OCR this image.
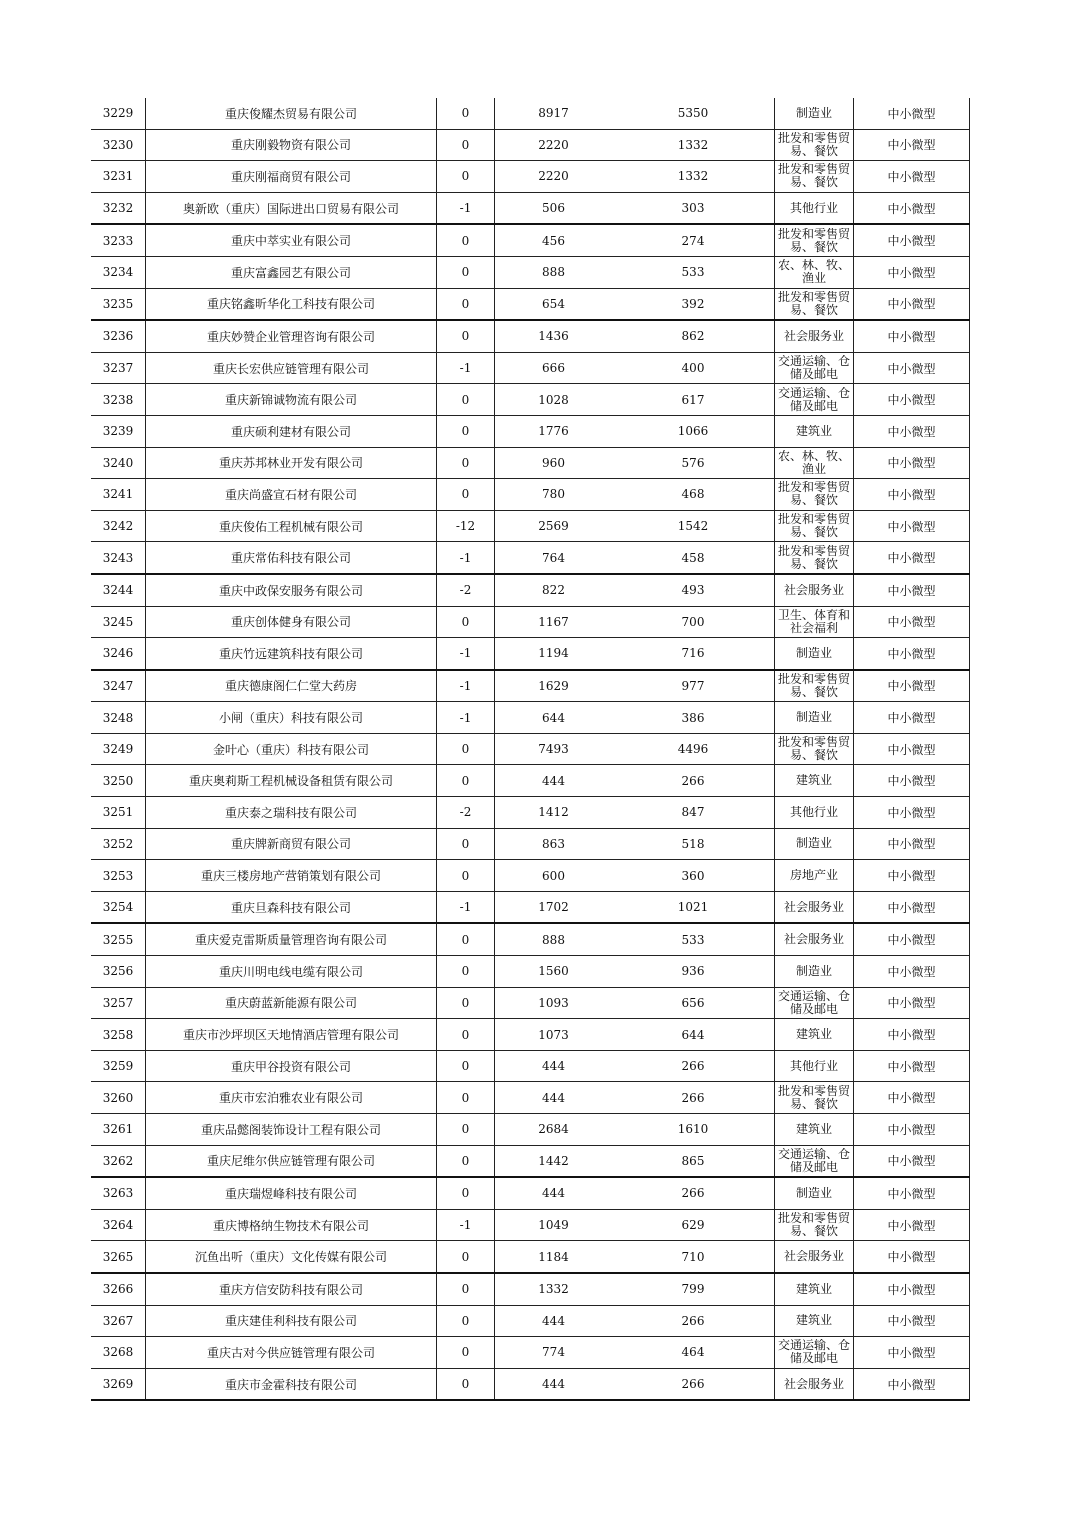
3229	重庆俊耀杰贸易有限公司	0	8917	5350	制造业	中小微型
3230	重庆刚毅物资有限公司	0	2220	1332	批发和零售贸易、餐饮	中小微型
3231	重庆刚福商贸有限公司	0	2220	1332	批发和零售贸易、餐饮	中小微型
3232	奥新欧（重庆）国际进出口贸易有限公司	-1	506	303	其他行业	中小微型
3233	重庆中萃实业有限公司	0	456	274	批发和零售贸易、餐饮	中小微型
3234	重庆富鑫园艺有限公司	0	888	533	农、林、牧、渔业	中小微型
3235	重庆铭鑫昕华化工科技有限公司	0	654	392	批发和零售贸易、餐饮	中小微型
3236	重庆妙赞企业管理咨询有限公司	0	1436	862	社会服务业	中小微型
3237	重庆长宏供应链管理有限公司	-1	666	400	交通运输、仓储及邮电	中小微型
3238	重庆新锦诚物流有限公司	0	1028	617	交通运输、仓储及邮电	中小微型
3239	重庆硕利建材有限公司	0	1776	1066	建筑业	中小微型
3240	重庆苏邦林业开发有限公司	0	960	576	农、林、牧、渔业	中小微型
3241	重庆尚盛宣石材有限公司	0	780	468	批发和零售贸易、餐饮	中小微型
3242	重庆俊佑工程机械有限公司	-12	2569	1542	批发和零售贸易、餐饮	中小微型
3243	重庆常佑科技有限公司	-1	764	458	批发和零售贸易、餐饮	中小微型
3244	重庆中政保安服务有限公司	-2	822	493	社会服务业	中小微型
3245	重庆创体健身有限公司	0	1167	700	卫生、体育和社会福利	中小微型
3246	重庆竹远建筑科技有限公司	-1	1194	716	制造业	中小微型
3247	重庆德康阁仁仁堂大药房	-1	1629	977	批发和零售贸易、餐饮	中小微型
3248	小闸（重庆）科技有限公司	-1	644	386	制造业	中小微型
3249	金叶心（重庆）科技有限公司	0	7493	4496	批发和零售贸易、餐饮	中小微型
3250	重庆奥莉斯工程机械设备租赁有限公司	0	444	266	建筑业	中小微型
3251	重庆泰之瑞科技有限公司	-2	1412	847	其他行业	中小微型
3252	重庆牌新商贸有限公司	0	863	518	制造业	中小微型
3253	重庆三楼房地产营销策划有限公司	0	600	360	房地产业	中小微型
3254	重庆旦森科技有限公司	-1	1702	1021	社会服务业	中小微型
3255	重庆爱克雷斯质量管理咨询有限公司	0	888	533	社会服务业	中小微型
3256	重庆川明电线电缆有限公司	0	1560	936	制造业	中小微型
3257	重庆蔚蓝新能源有限公司	0	1093	656	交通运输、仓储及邮电	中小微型
3258	重庆市沙坪坝区天地情酒店管理有限公司	0	1073	644	建筑业	中小微型
3259	重庆甲谷投资有限公司	0	444	266	其他行业	中小微型
3260	重庆市宏泊雅农业有限公司	0	444	266	批发和零售贸易、餐饮	中小微型
3261	重庆品懿阁装饰设计工程有限公司	0	2684	1610	建筑业	中小微型
3262	重庆尼维尔供应链管理有限公司	0	1442	865	交通运输、仓储及邮电	中小微型
3263	重庆瑞煜峰科技有限公司	0	444	266	制造业	中小微型
3264	重庆博格纳生物技术有限公司	-1	1049	629	批发和零售贸易、餐饮	中小微型
3265	沉鱼出听（重庆）文化传媒有限公司	0	1184	710	社会服务业	中小微型
3266	重庆方信安防科技有限公司	0	1332	799	建筑业	中小微型
3267	重庆建佳利科技有限公司	0	444	266	建筑业	中小微型
3268	重庆古对今供应链管理有限公司	0	774	464	交通运输、仓储及邮电	中小微型
3269	重庆市金霍科技有限公司	0	444	266	社会服务业	中小微型
